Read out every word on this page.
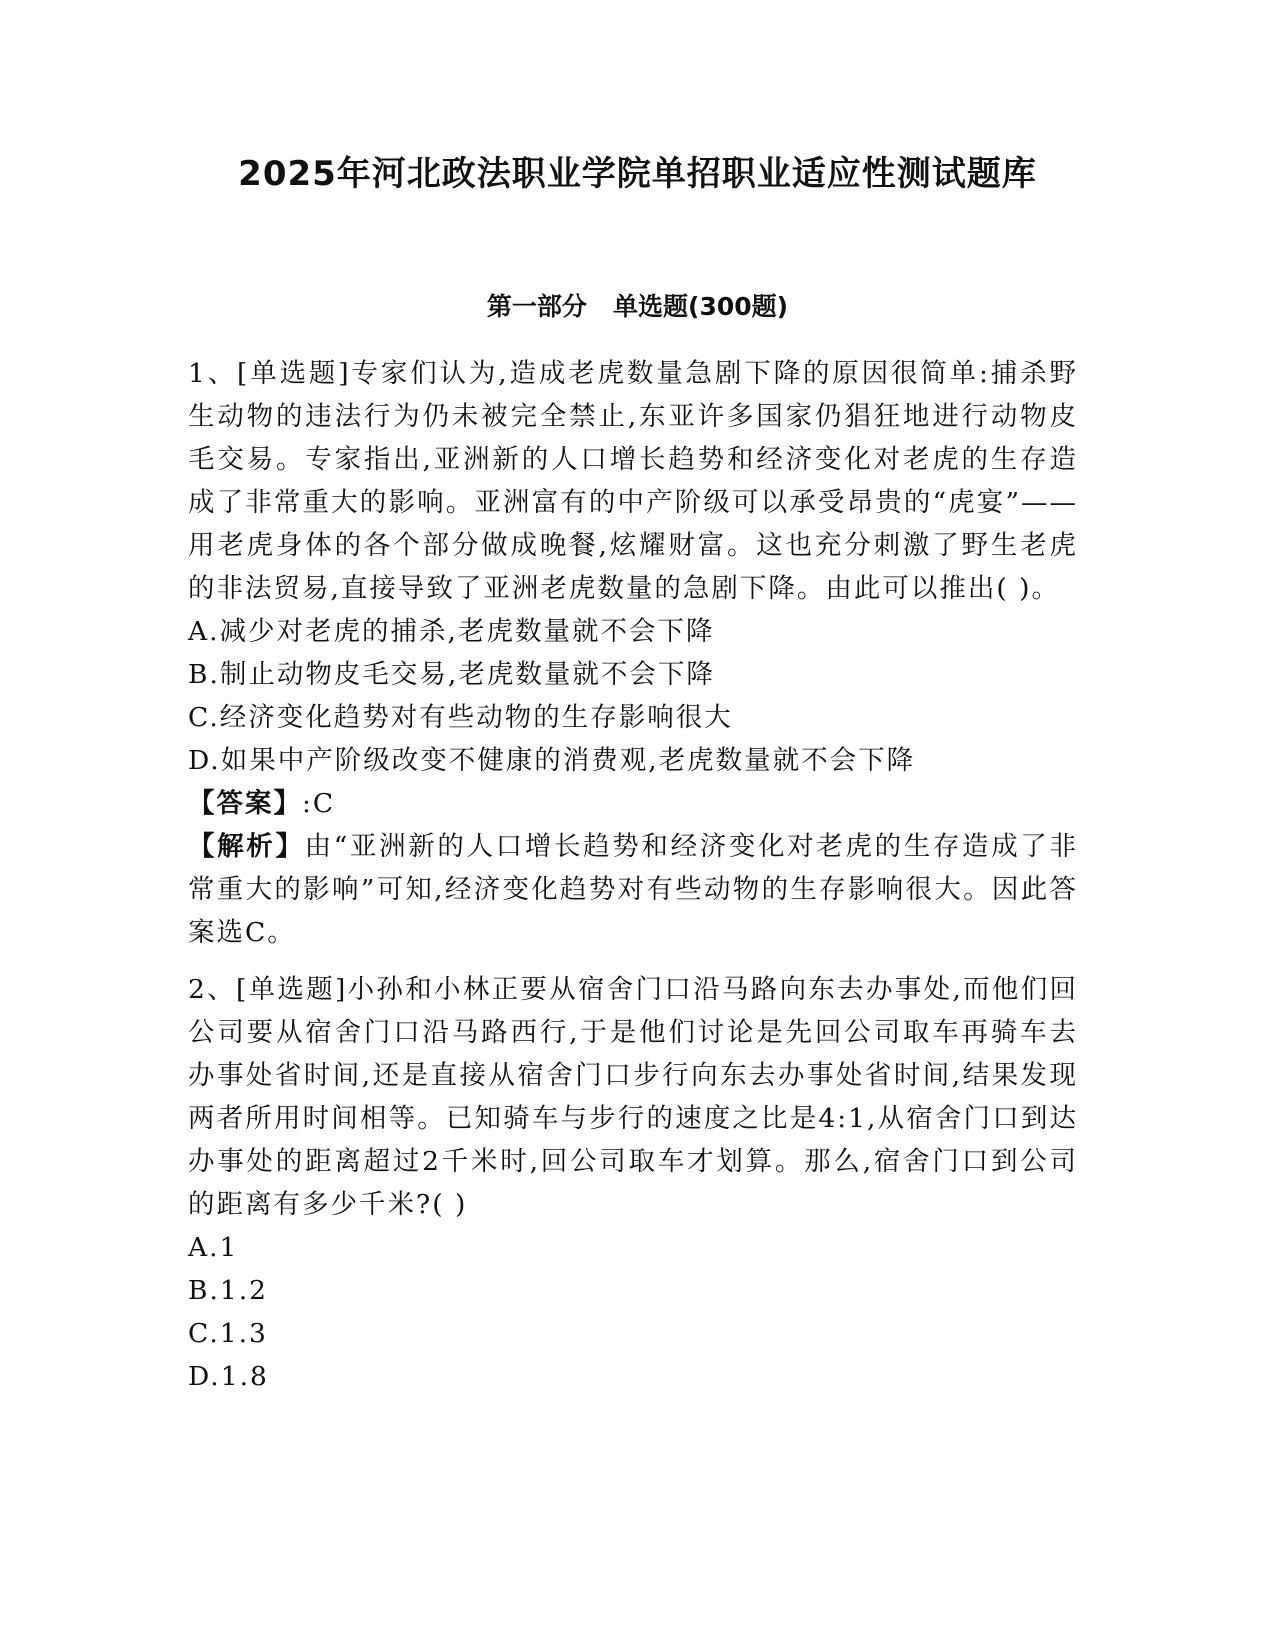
2025年河北政法职业学院单招职业适应性测试题库
第一部分   单选题(300题)

1、[单选题]专家们认为,造成老虎数量急剧下降的原因很简单:捕杀野生动物的违法行为仍未被完全禁止,东亚许多国家仍猖狂地进行动物皮毛交易。专家指出,亚洲新的人口增长趋势和经济变化对老虎的生存造成了非常重大的影响。亚洲富有的中产阶级可以承受昂贵的“虎宴”——用老虎身体的各个部分做成晚餐,炫耀财富。这也充分刺激了野生老虎的非法贸易,直接导致了亚洲老虎数量的急剧下降。由此可以推出( )。

A.减少对老虎的捕杀,老虎数量就不会下降

B.制止动物皮毛交易,老虎数量就不会下降

C.经济变化趋势对有些动物的生存影响很大

D.如果中产阶级改变不健康的消费观,老虎数量就不会下降

【答案】:C

【解析】由“亚洲新的人口增长趋势和经济变化对老虎的生存造成了非常重大的影响”可知,经济变化趋势对有些动物的生存影响很大。因此答案选C。

2、[单选题]小孙和小林正要从宿舍门口沿马路向东去办事处,而他们回公司要从宿舍门口沿马路西行,于是他们讨论是先回公司取车再骑车去办事处省时间,还是直接从宿舍门口步行向东去办事处省时间,结果发现两者所用时间相等。已知骑车与步行的速度之比是4:1,从宿舍门口到达办事处的距离超过2千米时,回公司取车才划算。那么,宿舍门口到公司的距离有多少千米?( )

A.1

B.1.2

C.1.3

D.1.8
